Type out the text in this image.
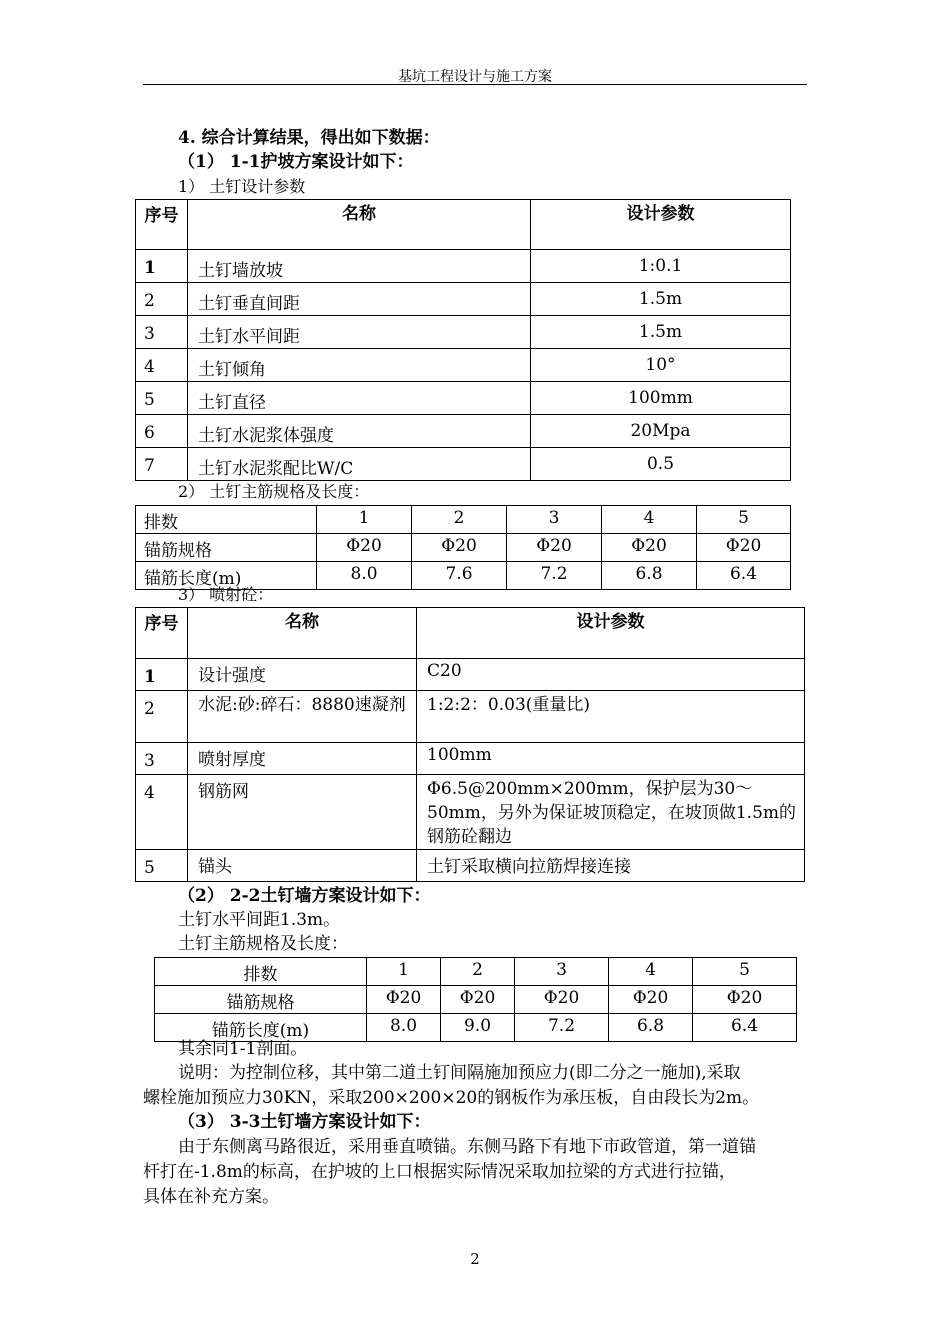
基坑工程设计与施工方案
4. 综合计算结果，得出如下数据：
（1） 1-1护坡方案设计如下：
1） 土钉设计参数
序号	名称	设计参数
1	土钉墙放坡	1:0.1
2	土钉垂直间距	1.5m
3	土钉水平间距	1.5m
4	土钉倾角	10°
5	土钉直径	100mm
6	土钉水泥浆体强度	20Mpa
7	土钉水泥浆配比W/C	0.5
2） 土钉主筋规格及长度：
排数	1	2	3	4	5
锚筋规格	Φ20	Φ20	Φ20	Φ20	Φ20
锚筋长度(m)	8.0	7.6	7.2	6.8	6.4
3） 喷射砼：
序号	名称	设计参数
1	设计强度	C20
2	水泥:砂:碎石：8880速凝剂	1:2:2：0.03(重量比)
3	喷射厚度	100mm
4	钢筋网	Φ6.5@200mm×200mm，保护层为30～50mm，另外为保证坡顶稳定，在坡顶做1.5m的钢筋砼翻边
5	锚头	土钉采取横向拉筋焊接连接
（2） 2-2土钉墙方案设计如下：
土钉水平间距1.3m。
土钉主筋规格及长度：
排数	1	2	3	4	5
锚筋规格	Φ20	Φ20	Φ20	Φ20	Φ20
锚筋长度(m)	8.0	9.0	7.2	6.8	6.4
其余同1-1剖面。
说明：为控制位移，其中第二道土钉间隔施加预应力(即二分之一施加),采取
螺栓施加预应力30KN，采取200×200×20的钢板作为承压板，自由段长为2m。
（3） 3-3土钉墙方案设计如下：
由于东侧离马路很近，采用垂直喷锚。东侧马路下有地下市政管道，第一道锚
杆打在-1.8m的标高，在护坡的上口根据实际情况采取加拉梁的方式进行拉锚，
具体在补充方案。
2
